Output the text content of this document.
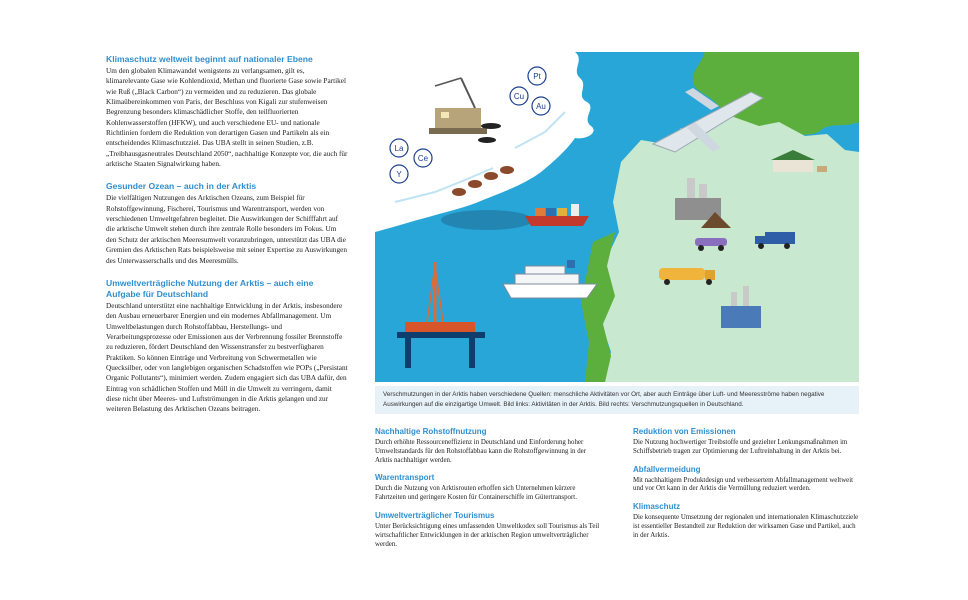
Klimaschutz weltweit beginnt auf nationaler Ebene

Um den globalen Klimawandel wenigstens zu verlangsamen, gilt es, klimarelevante Gase wie Kohlendioxid, Methan und fluorierte Gase sowie Partikel wie Ruß („Black Carbon“) zu vermeiden und zu reduzieren. Das globale Klimaübereinkommen von Paris, der Beschluss von Kigali zur stufenweisen Begrenzung besonders klimaschädlicher Stoffe, den teilfluorierten Kohlenwasserstoffen (HFKW), und auch verschiedene EU- und nationale Richtlinien fordern die Reduktion von derartigen Gasen und Partikeln als ein entscheidendes Klimaschutzziel. Das UBA stellt in seinen Studien, z.B. „Treibhausgasneutrales Deutschland 2050“, nachhaltige Konzepte vor, die auch für arktische Staaten Signalwirkung haben.

Gesunder Ozean – auch in der Arktis

Die vielfältigen Nutzungen des Arktischen Ozeans, zum Beispiel für Rohstoffgewinnung, Fischerei, Tourismus und Warentransport, werden von verschiedenen Umweltgefahren begleitet. Die Auswirkungen der Schifffahrt auf die arktische Umwelt stehen durch ihre zentrale Rolle besonders im Fokus. Um den Schutz der arktischen Meeresumwelt voranzubringen, unterstützt das UBA die Gremien des Arktischen Rats beispielsweise mit seiner Expertise zu Auswirkungen des Unterwasserschalls und des Meeresmülls.

Umweltverträgliche Nutzung der Arktis – auch eine Aufgabe für Deutschland

Deutschland unterstützt eine nachhaltige Entwicklung in der Arktis, insbesondere den Ausbau erneuerbarer Energien und ein modernes Abfallmanagement. Um Umweltbelastungen durch Rohstoffabbau, Herstellungs- und Verarbeitungsprozesse oder Emissionen aus der Verbrennung fossiler Brennstoffe zu reduzieren, fördert Deutschland den Wissenstransfer zu bestverfügbaren Praktiken. So können Einträge und Verbreitung von Schwermetallen wie Quecksilber, oder von langlebigen organischen Schadstoffen wie POPs („Persistant Organic Pollutants“), minimiert werden. Zudem engagiert sich das UBA dafür, den Eintrag von schädlichen Stoffen und Müll in die Umwelt zu verringern, damit diese nicht über Meeres- und Luftströmungen in die Arktis gelangen und zur weiteren Belastung des Arktischen Ozeans beitragen.

Pt
Cu
Au
La
Ce
Y
Verschmutzungen in der Arktis haben verschiedene Quellen: menschliche Aktivitäten vor Ort, aber auch Einträge über Luft- und Meeresströme haben negative Auswirkungen auf die einzigartige Umwelt. Bild links: Aktivitäten in der Arktis. Bild rechts: Verschmutzungsquellen in Deutschland.
Nachhaltige Rohstoffnutzung

Durch erhöhte Ressourceneffizienz in Deutschland und Einforderung hoher Umweltstandards für den Rohstoffabbau kann die Rohstoffgewinnung in der Arktis nachhaltiger werden.

Warentransport

Durch die Nutzung von Arktisrouten erhoffen sich Unternehmen kürzere Fahrtzeiten und geringere Kosten für Containerschiffe im Gütertransport.

Umweltverträglicher Tourismus

Unter Berücksichtigung eines umfassenden Umweltkodex soll Tourismus als Teil wirtschaftlicher Entwicklungen in der arktischen Region umweltverträglicher werden.

Reduktion von Emissionen

Die Nutzung hochwertiger Treibstoffe und gezielter Lenkungsmaßnahmen im Schiffsbetrieb tragen zur Optimierung der Luftreinhaltung in der Arktis bei.

Abfallvermeidung

Mit nachhaltigem Produktdesign und verbessertem Abfallmanagement weltweit und vor Ort kann in der Arktis die Vermüllung reduziert werden.

Klimaschutz

Die konsequente Umsetzung der regionalen und internationalen Klimaschutzziele ist essentieller Bestandteil zur Reduktion der wirksamen Gase und Partikel, auch in der Arktis.
